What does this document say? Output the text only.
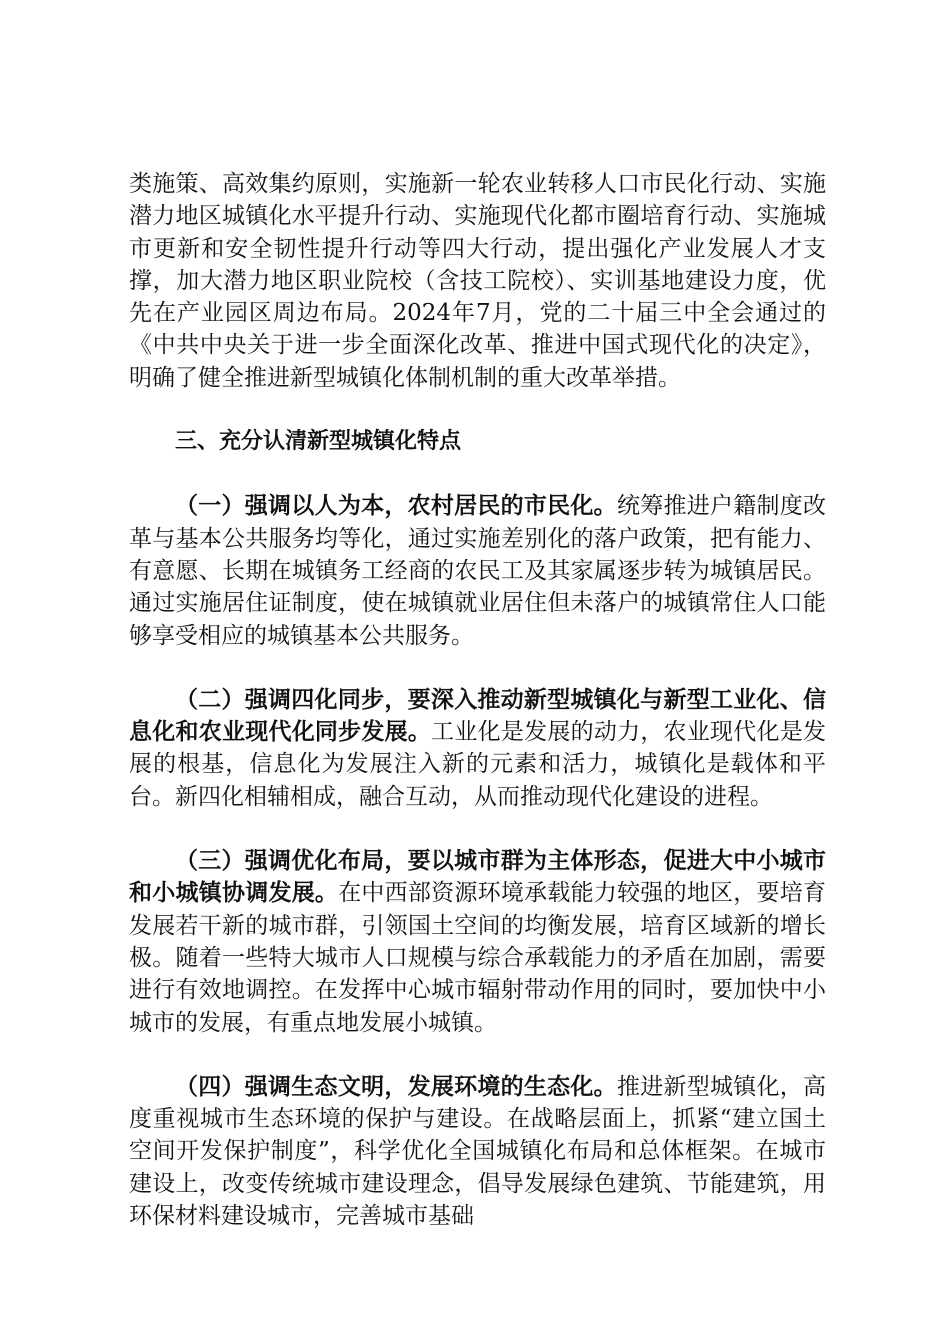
类施策、高效集约原则，实施新一轮农业转移人口市民化行动、实施潜力地区城镇化水平提升行动、实施现代化都市圈培育行动、实施城市更新和安全韧性提升行动等四大行动，提出强化产业发展人才支撑，加大潜力地区职业院校（含技工院校）、实训基地建设力度，优先在产业园区周边布局。2024年7月，党的二十届三中全会通过的《中共中央关于进一步全面深化改革、推进中国式现代化的决定》，明确了健全推进新型城镇化体制机制的重大改革举措。

三、充分认清新型城镇化特点

（一）强调以人为本，农村居民的市民化。统筹推进户籍制度改革与基本公共服务均等化，通过实施差别化的落户政策，把有能力、有意愿、长期在城镇务工经商的农民工及其家属逐步转为城镇居民。通过实施居住证制度，使在城镇就业居住但未落户的城镇常住人口能够享受相应的城镇基本公共服务。

（二）强调四化同步，要深入推动新型城镇化与新型工业化、信息化和农业现代化同步发展。工业化是发展的动力，农业现代化是发展的根基，信息化为发展注入新的元素和活力，城镇化是载体和平台。新四化相辅相成，融合互动，从而推动现代化建设的进程。

（三）强调优化布局，要以城市群为主体形态，促进大中小城市和小城镇协调发展。在中西部资源环境承载能力较强的地区，要培育发展若干新的城市群，引领国土空间的均衡发展，培育区域新的增长极。随着一些特大城市人口规模与综合承载能力的矛盾在加剧，需要进行有效地调控。在发挥中心城市辐射带动作用的同时，要加快中小城市的发展，有重点地发展小城镇。

（四）强调生态文明，发展环境的生态化。推进新型城镇化，高度重视城市生态环境的保护与建设。在战略层面上，抓紧“建立国土空间开发保护制度”，科学优化全国城镇化布局和总体框架。在城市建设上，改变传统城市建设理念，倡导发展绿色建筑、节能建筑，用环保材料建设城市，完善城市基础
